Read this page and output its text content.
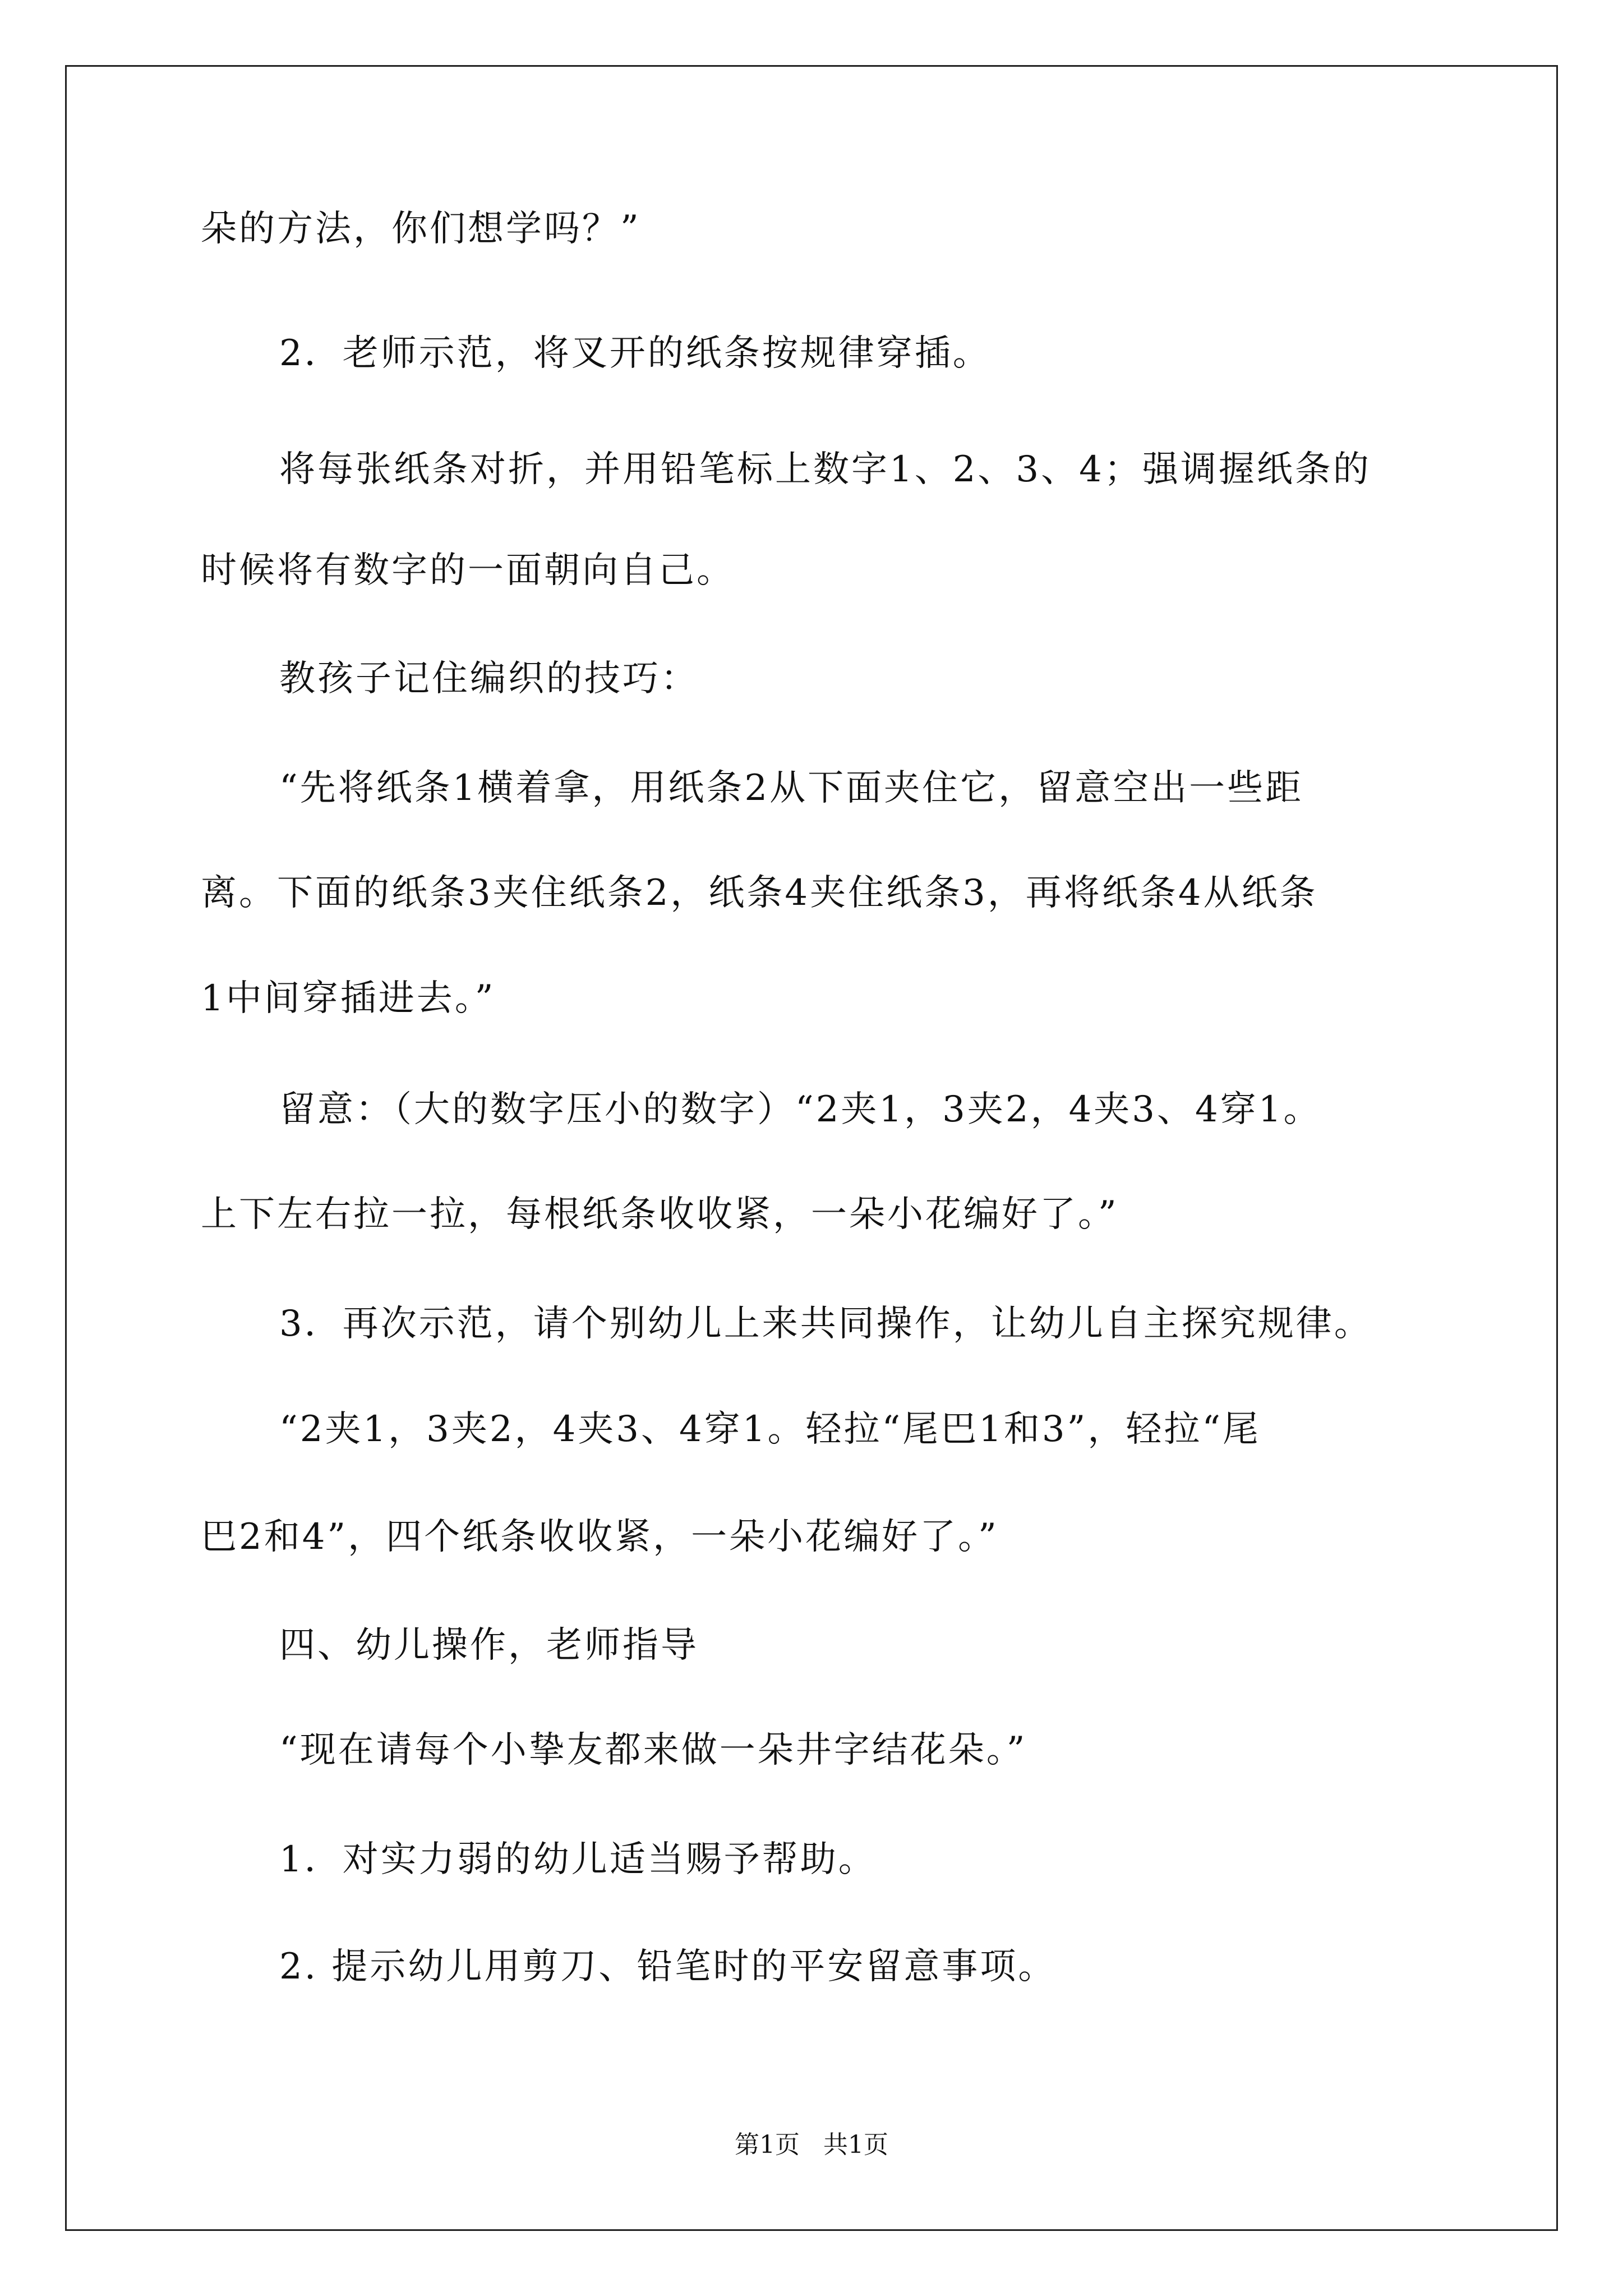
朵的方法，你们想学吗？”
2．老师示范，将叉开的纸条按规律穿插。
将每张纸条对折，并用铅笔标上数字1、2、3、4；强调握纸条的
时候将有数字的一面朝向自己。
教孩子记住编织的技巧：
“先将纸条1横着拿，用纸条2从下面夹住它，留意空出一些距
离。下面的纸条3夹住纸条2，纸条4夹住纸条3，再将纸条4从纸条
1中间穿插进去。”
留意：（大的数字压小的数字）“2夹1，3夹2，4夹3、4穿1。
上下左右拉一拉，每根纸条收收紧，一朵小花编好了。”
3．再次示范，请个别幼儿上来共同操作，让幼儿自主探究规律。
“2夹1，3夹2，4夹3、4穿1。轻拉“尾巴1和3”，轻拉“尾
巴2和4”，四个纸条收收紧，一朵小花编好了。”
四、幼儿操作，老师指导
“现在请每个小挚友都来做一朵井字结花朵。”
1．对实力弱的幼儿适当赐予帮助。
2. 提示幼儿用剪刀、铅笔时的平安留意事项。
第1页   共1页
